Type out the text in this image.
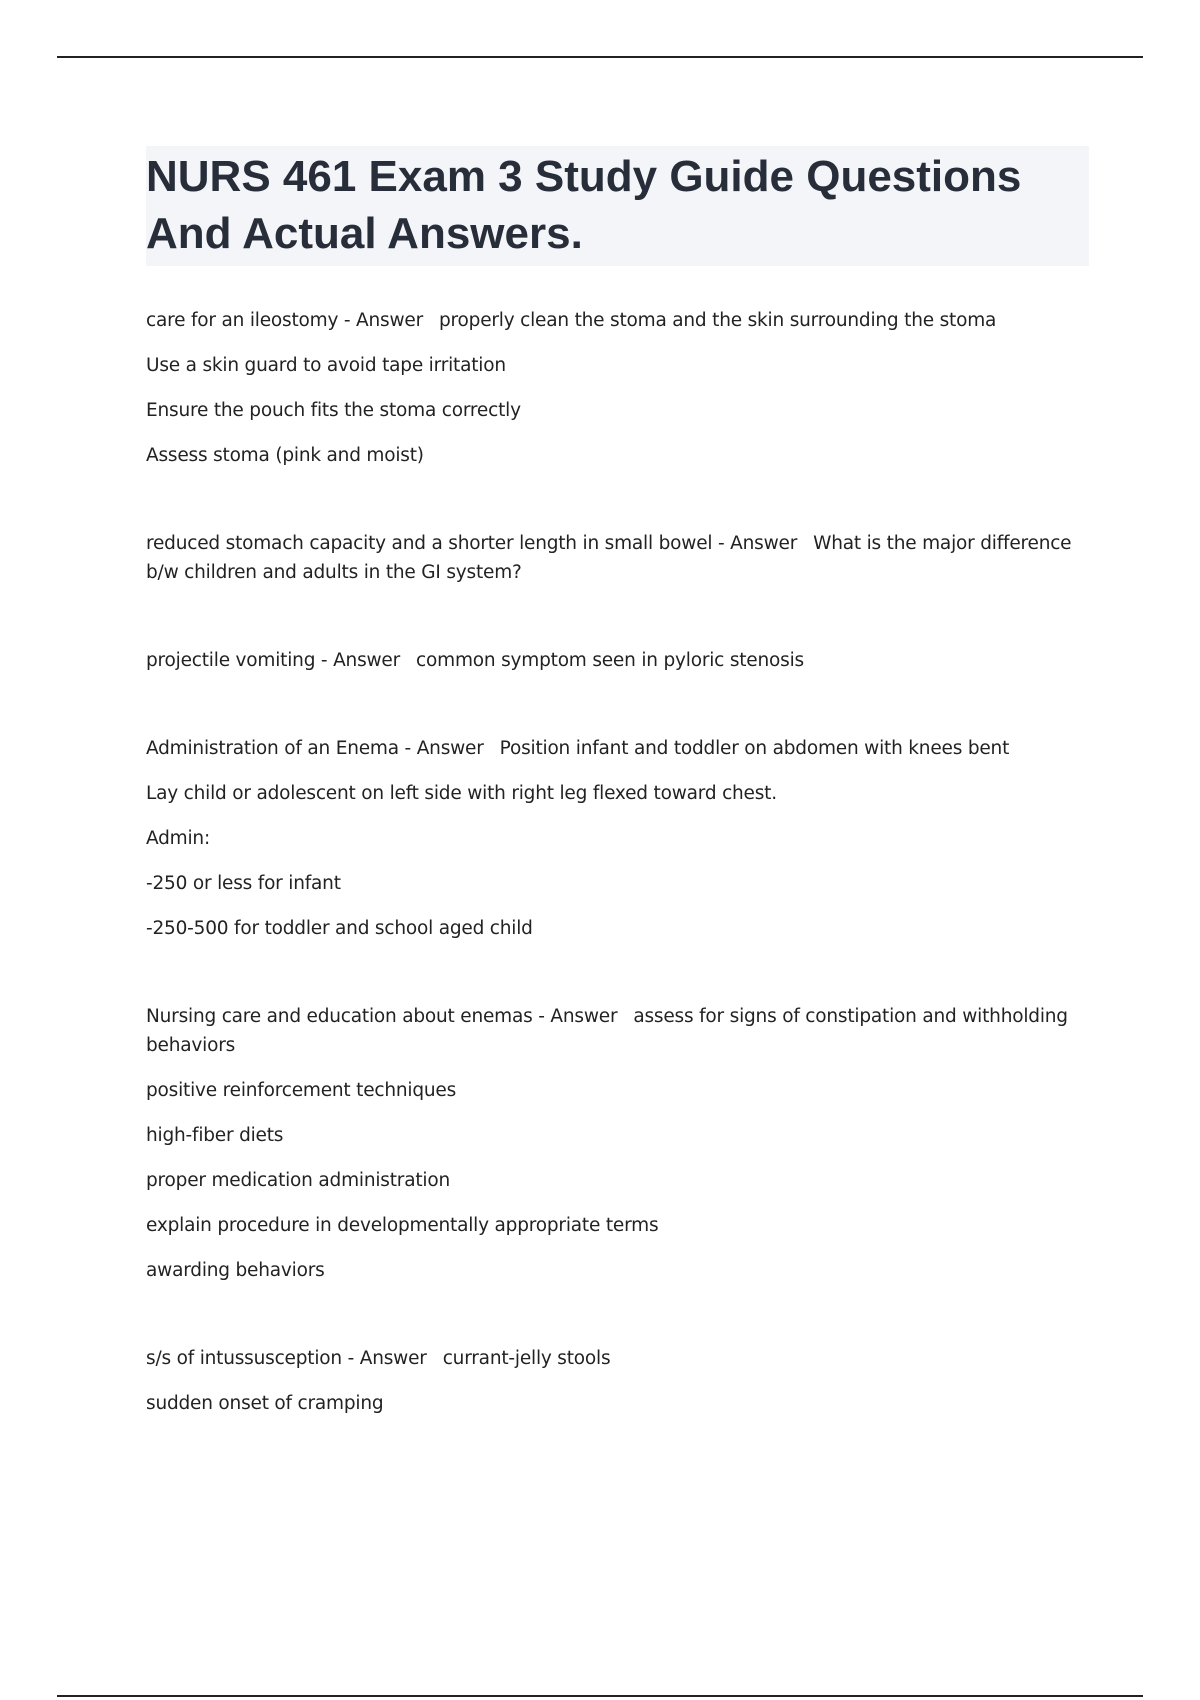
NURS 461 Exam 3 Study Guide Questions And Actual Answers.

care for an ileostomy - Answer properly clean the stoma and the skin surrounding the stoma

Use a skin guard to avoid tape irritation

Ensure the pouch fits the stoma correctly

Assess stoma (pink and moist)

reduced stomach capacity and a shorter length in small bowel - Answer What is the major difference b/w children and adults in the GI system?

projectile vomiting - Answer common symptom seen in pyloric stenosis

Administration of an Enema - Answer Position infant and toddler on abdomen with knees bent

Lay child or adolescent on left side with right leg flexed toward chest.

Admin:

-250 or less for infant

-250-500 for toddler and school aged child

Nursing care and education about enemas - Answer assess for signs of constipation and withholding behaviors

positive reinforcement techniques

high-fiber diets

proper medication administration

explain procedure in developmentally appropriate terms

awarding behaviors

s/s of intussusception - Answer currant-jelly stools

sudden onset of cramping
